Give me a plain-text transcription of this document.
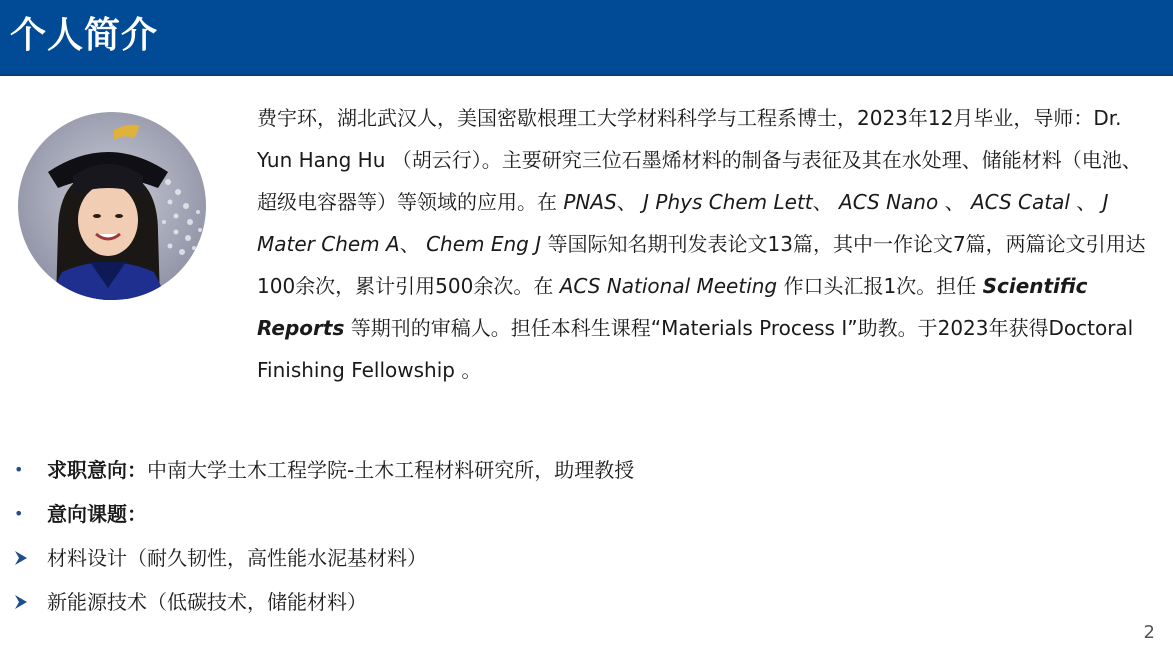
个人简介
费宇环，湖北武汉人，美国密歇根理工大学材料科学与工程系博士，2023年12月毕业，导师：Dr. Yun Hang Hu （胡云行）。主要研究三位石墨烯材料的制备与表征及其在水处理、储能材料（电池、超级电容器等）等领域的应用。在 PNAS、 J Phys Chem Lett、 ACS Nano 、 ACS Catal 、 J Mater Chem A、 Chem Eng J 等国际知名期刊发表论文13篇，其中一作论文7篇，两篇论文引用达100余次，累计引用500余次。在 ACS National Meeting 作口头汇报1次。担任 Scientific Reports 等期刊的审稿人。担任本科生课程“Materials Process I”助教。于2023年获得Doctoral Finishing Fellowship 。
• 求职意向：中南大学土木工程学院-土木工程材料研究所，助理教授
• 意向课题：
材料设计（耐久韧性，高性能水泥基材料）
新能源技术（低碳技术，储能材料）
2
